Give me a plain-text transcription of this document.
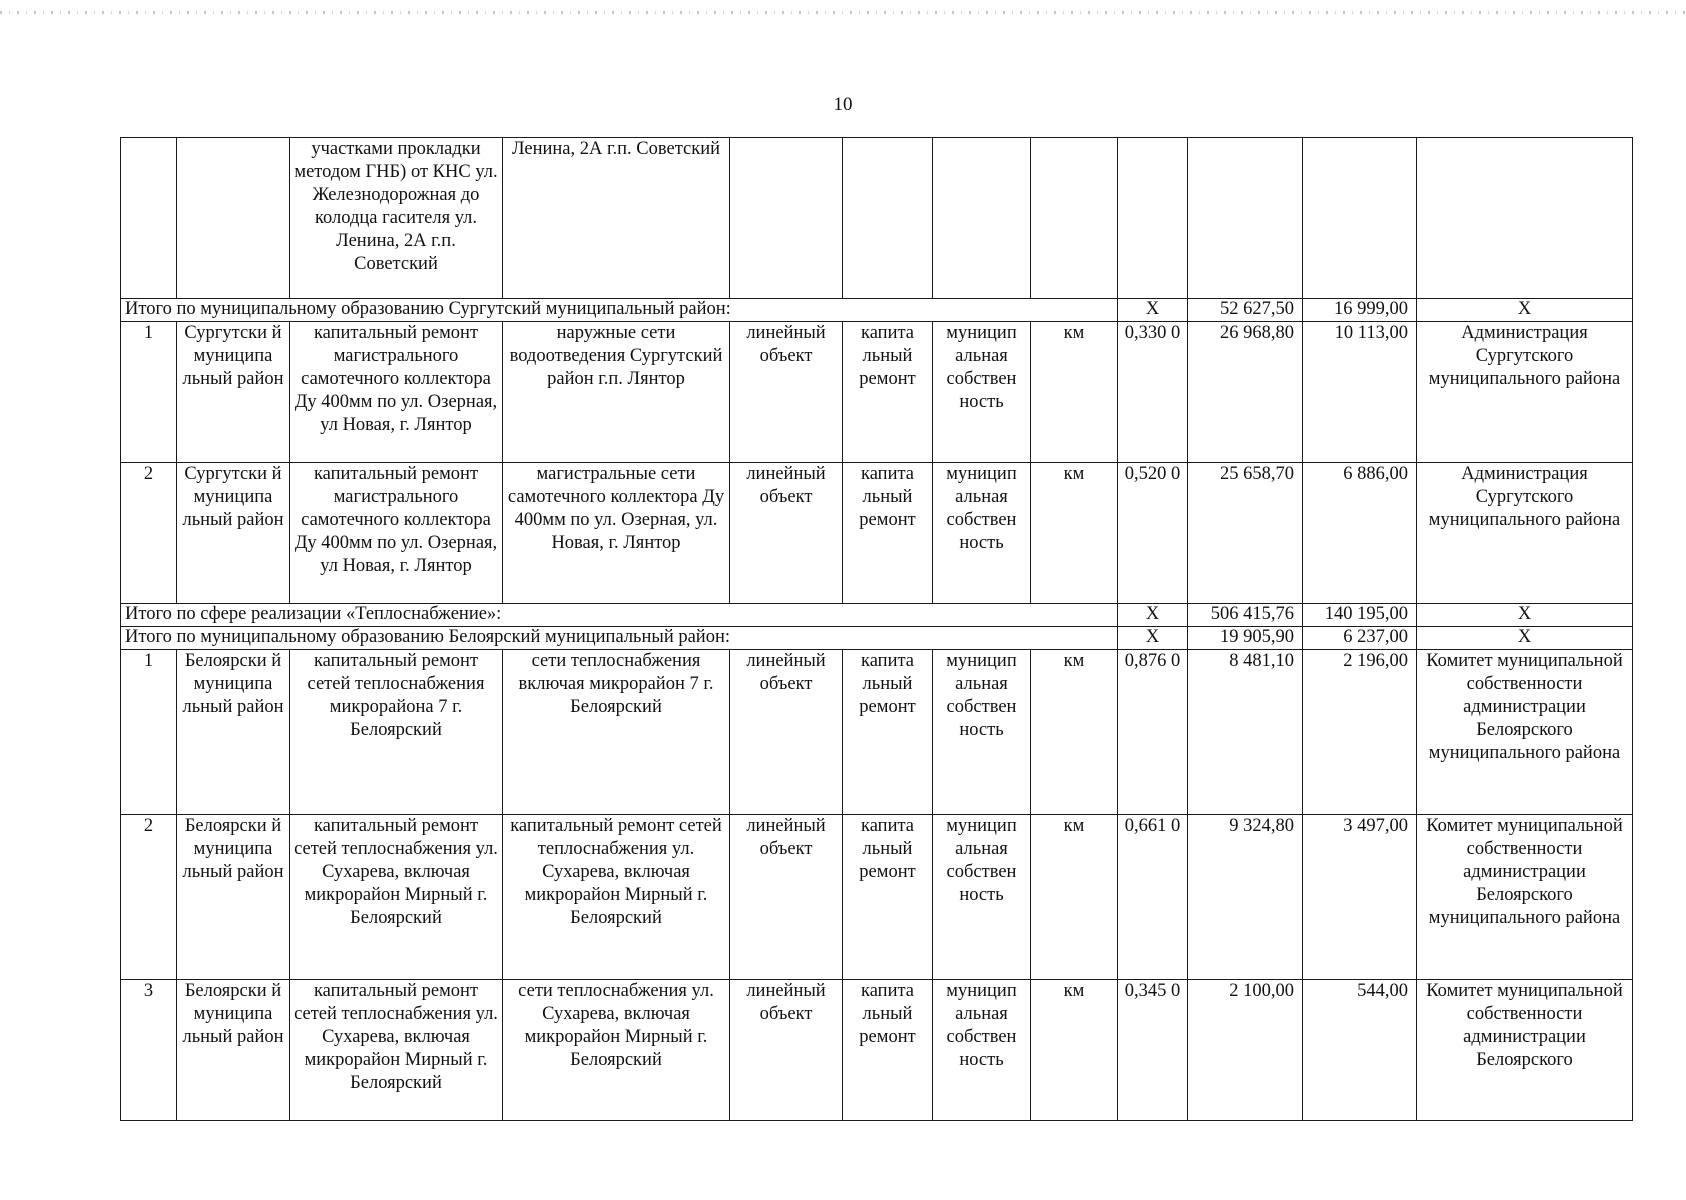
10
		участками прокладки методом ГНБ) от КНС ул. Железнодорожная до колодца гасителя ул. Ленина, 2А г.п. Советский	Ленина, 2А г.п. Советский								
Итого по муниципальному образованию Сургутский муниципальный район:								X	52 627,50	16 999,00	X
1	Сургутски й муниципа льный район	капитальный ремонт магистрального самотечного коллектора Ду 400мм по ул. Озерная, ул Новая, г. Лянтор	наружные сети водоотведения Сургутский район г.п. Лянтор	линейный объект	капита льный ремонт	муницип альная собствен ность	км	0,330 0	26 968,80	10 113,00	Администрация Сургутского муниципального района
2	Сургутски й муниципа льный район	капитальный ремонт магистрального самотечного коллектора Ду 400мм по ул. Озерная, ул Новая, г. Лянтор	магистральные сети самотечного коллектора Ду 400мм по ул. Озерная, ул. Новая, г. Лянтор	линейный объект	капита льный ремонт	муницип альная собствен ность	км	0,520 0	25 658,70	6 886,00	Администрация Сургутского муниципального района
Итого по сфере реализации «Теплоснабжение»:								X	506 415,76	140 195,00	X
Итого по муниципальному образованию Белоярский муниципальный район:								X	19 905,90	6 237,00	X
1	Белоярски й муниципа льный район	капитальный ремонт сетей теплоснабжения микрорайона 7 г. Белоярский	сети теплоснабжения включая микрорайон 7 г. Белоярский	линейный объект	капита льный ремонт	муницип альная собствен ность	км	0,876 0	8 481,10	2 196,00	Комитет муниципальной собственности администрации Белоярского муниципального района
2	Белоярски й муниципа льный район	капитальный ремонт сетей теплоснабжения ул. Сухарева, включая микрорайон Мирный г. Белоярский	капитальный ремонт сетей теплоснабжения ул. Сухарева, включая микрорайон Мирный г. Белоярский	линейный объект	капита льный ремонт	муницип альная собствен ность	км	0,661 0	9 324,80	3 497,00	Комитет муниципальной собственности администрации Белоярского муниципального района
3	Белоярски й муниципа льный район	капитальный ремонт сетей теплоснабжения ул. Сухарева, включая микрорайон Мирный г. Белоярский	сети теплоснабжения ул. Сухарева, включая микрорайон Мирный г. Белоярский	линейный объект	капита льный ремонт	муницип альная собствен ность	км	0,345 0	2 100,00	544,00	Комитет муниципальной собственности администрации Белоярского
